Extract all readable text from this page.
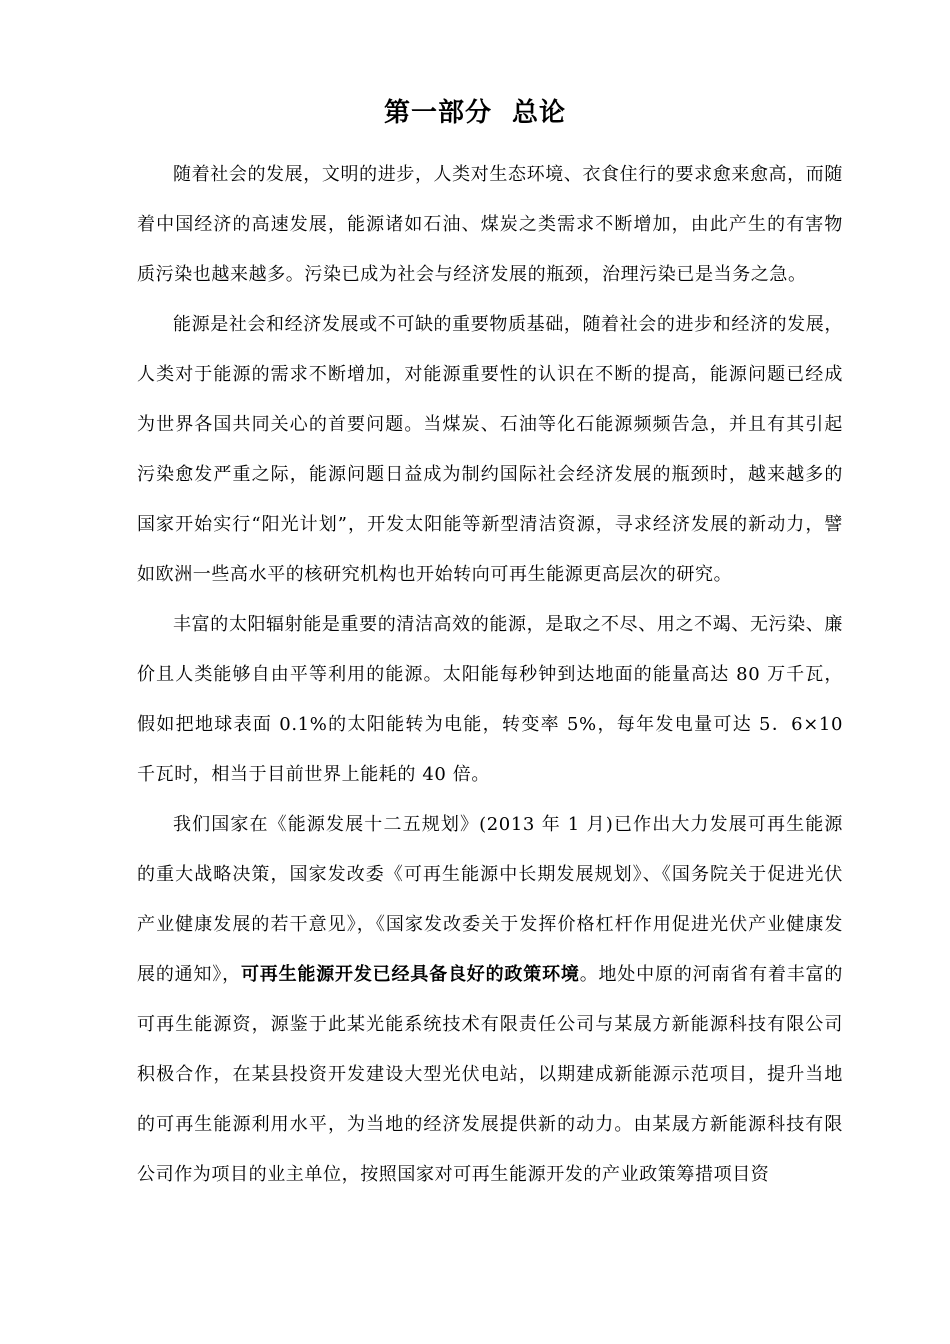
第一部分  总论

随着社会的发展，文明的进步，人类对生态环境、衣食住行的要求愈来愈高，而随着中国经济的高速发展，能源诸如石油、煤炭之类需求不断增加，由此产生的有害物质污染也越来越多。污染已成为社会与经济发展的瓶颈，治理污染已是当务之急。

能源是社会和经济发展或不可缺的重要物质基础，随着社会的进步和经济的发展，人类对于能源的需求不断增加，对能源重要性的认识在不断的提高，能源问题已经成为世界各国共同关心的首要问题。当煤炭、石油等化石能源频频告急，并且有其引起污染愈发严重之际，能源问题日益成为制约国际社会经济发展的瓶颈时，越来越多的国家开始实行“阳光计划”，开发太阳能等新型清洁资源，寻求经济发展的新动力，譬如欧洲一些高水平的核研究机构也开始转向可再生能源更高层次的研究。

丰富的太阳辐射能是重要的清洁高效的能源，是取之不尽、用之不竭、无污染、廉价且人类能够自由平等利用的能源。太阳能每秒钟到达地面的能量高达 80 万千瓦，假如把地球表面 0.1%的太阳能转为电能，转变率 5%，每年发电量可达 5．6×10 千瓦时，相当于目前世界上能耗的 40 倍。

我们国家在《能源发展十二五规划》(2013 年 1 月)已作出大力发展可再生能源的重大战略决策，国家发改委《可再生能源中长期发展规划》、《国务院关于促进光伏产业健康发展的若干意见》，《国家发改委关于发挥价格杠杆作用促进光伏产业健康发展的通知》，可再生能源开发已经具备良好的政策环境。地处中原的河南省有着丰富的可再生能源资，源鉴于此某光能系统技术有限责任公司与某晟方新能源科技有限公司积极合作，在某县投资开发建设大型光伏电站，以期建成新能源示范项目，提升当地的可再生能源利用水平，为当地的经济发展提供新的动力。由某晟方新能源科技有限公司作为项目的业主单位，按照国家对可再生能源开发的产业政策筹措项目资
